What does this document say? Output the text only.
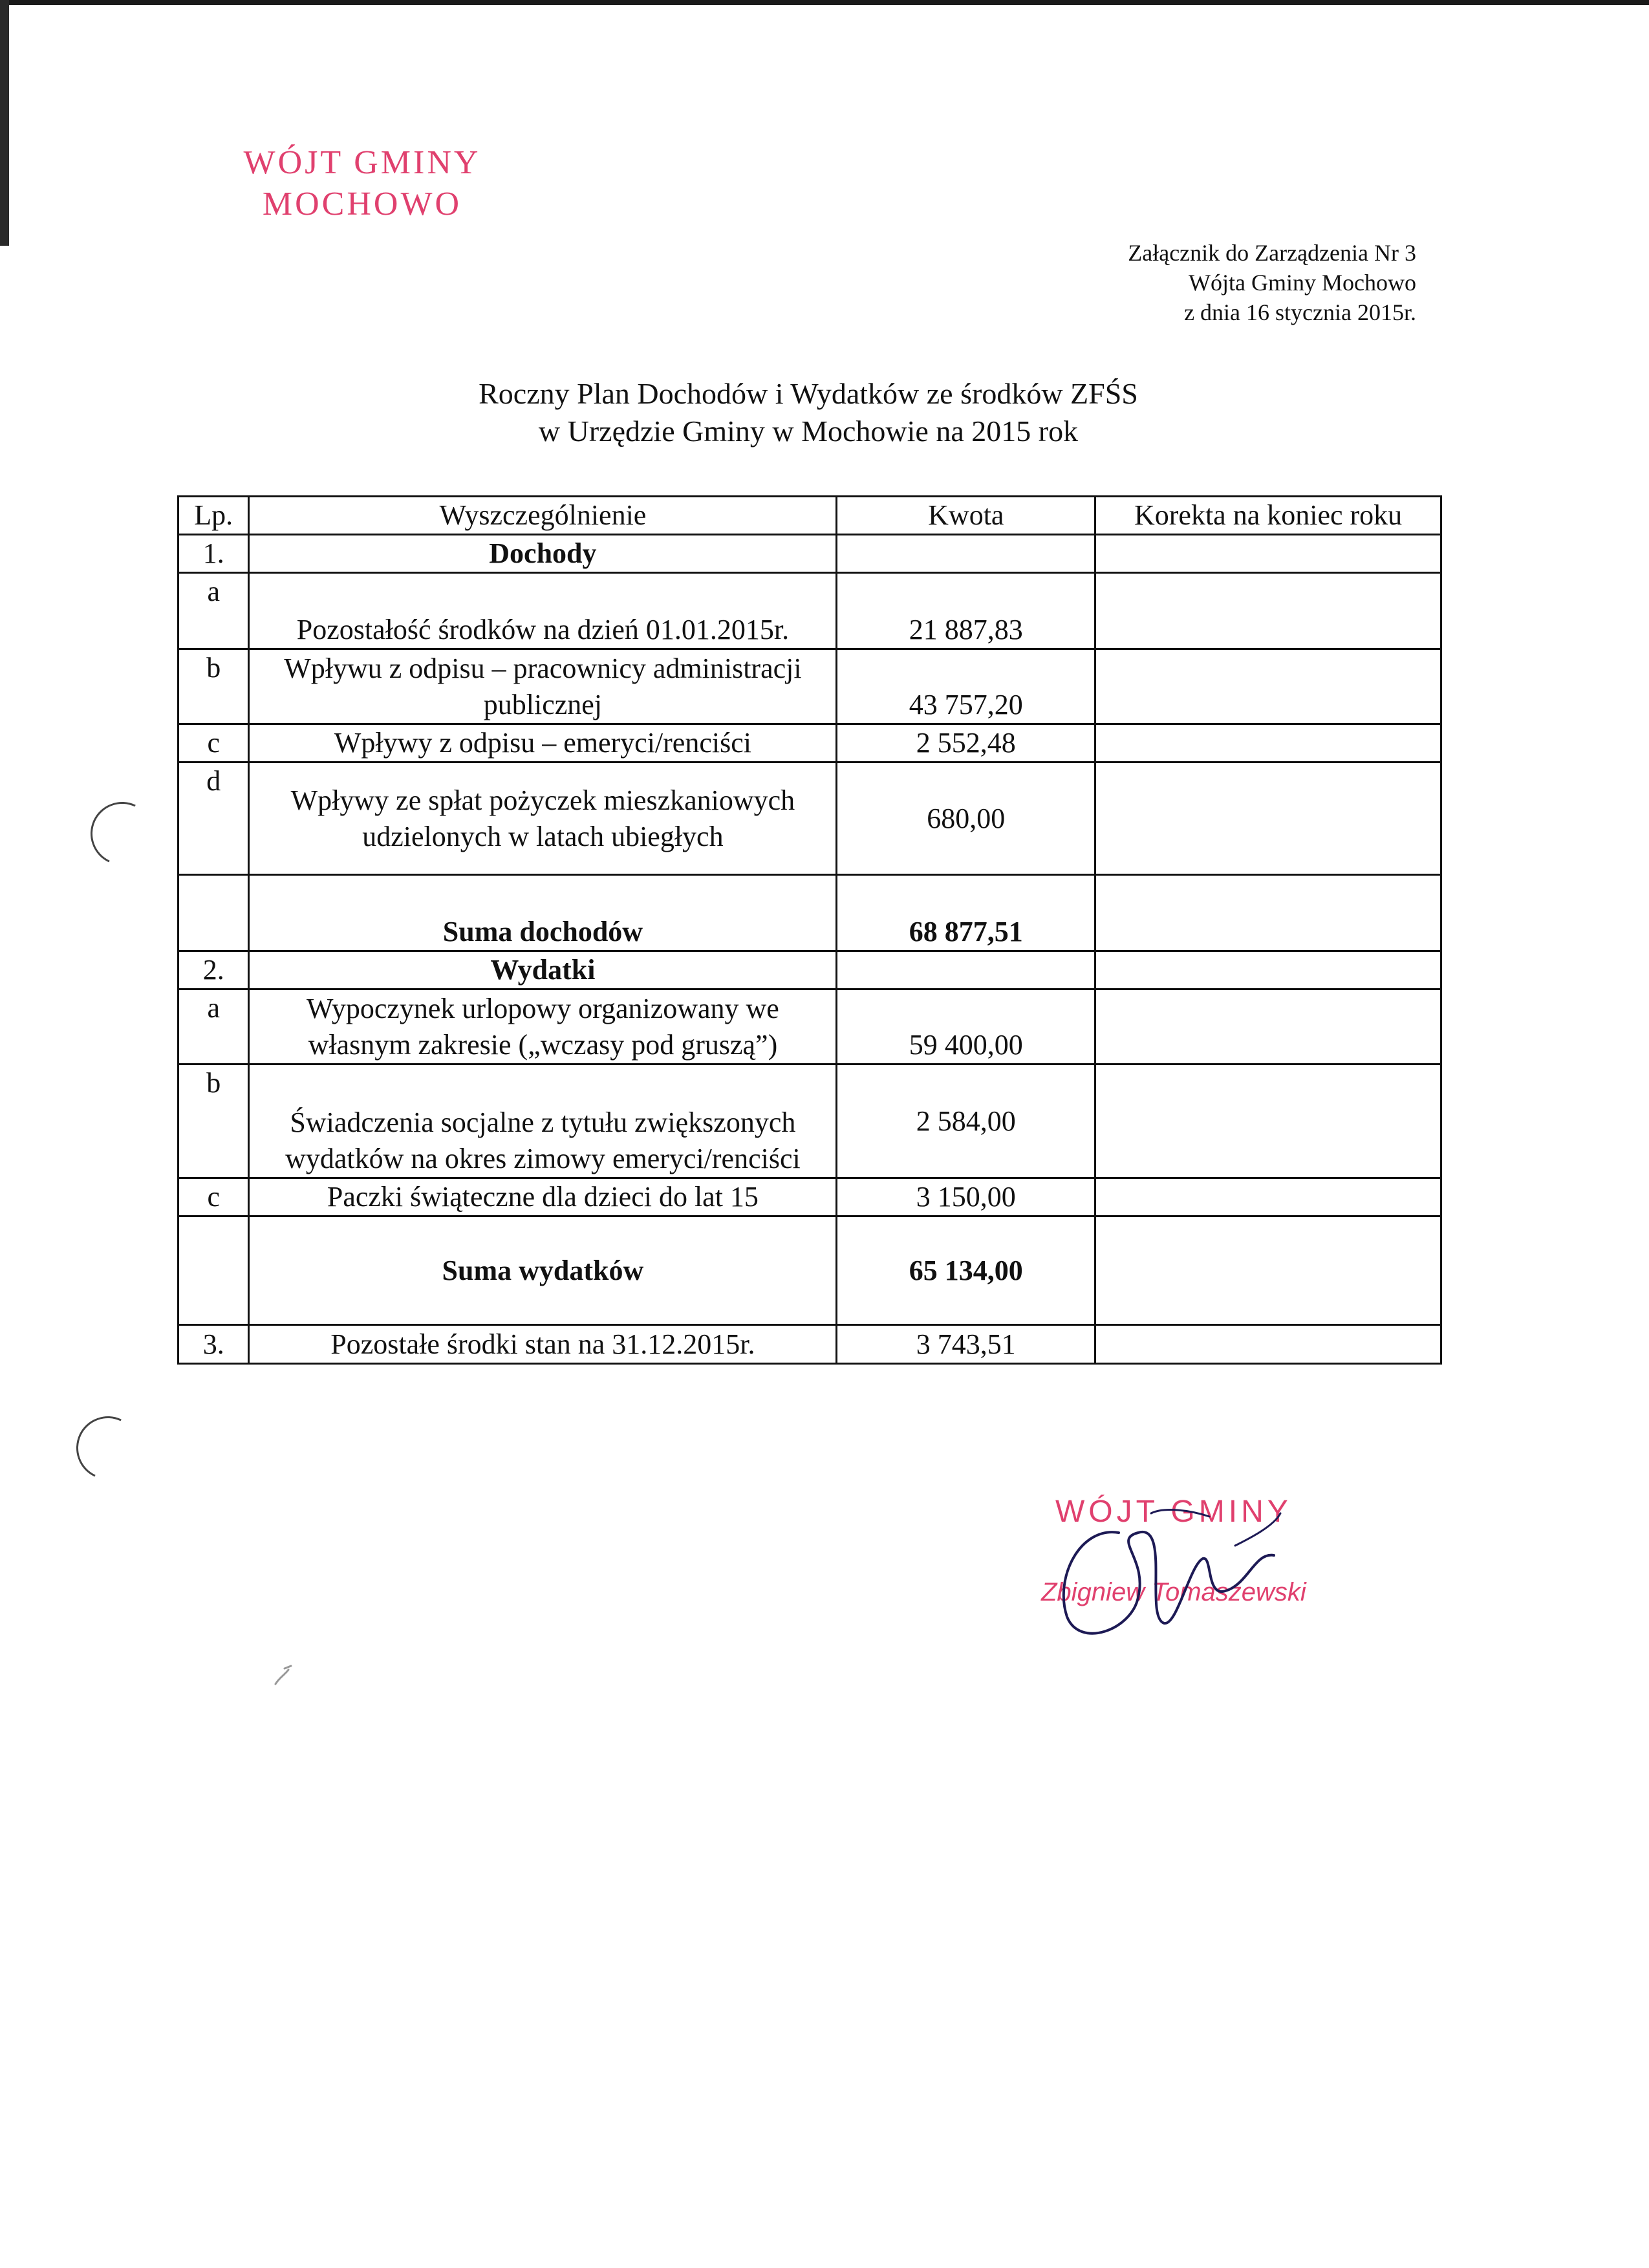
WÓJT GMINY
MOCHOWO
Załącznik do Zarządzenia Nr 3
Wójta Gminy Mochowo
z dnia 16 stycznia 2015r.
Roczny Plan Dochodów i Wydatków ze środków ZFŚS
w Urzędzie Gminy w Mochowie na 2015 rok
Lp.	Wyszczególnienie	Kwota	Korekta na koniec roku
1.	Dochody		
a	Pozostałość środków na dzień 01.01.2015r.	21 887,83	
b	Wpływu z odpisu – pracownicy administracji publicznej	43 757,20	
c	Wpływy z odpisu – emeryci/renciści	2 552,48	
d	Wpływy ze spłat pożyczek mieszkaniowych udzielonych w latach ubiegłych	680,00	
	Suma dochodów	68 877,51	
2.	Wydatki		
a	Wypoczynek urlopowy organizowany we własnym zakresie („wczasy pod gruszą”)	59 400,00	
b	Świadczenia socjalne z tytułu zwiększonych wydatków na okres zimowy emeryci/renciści	2 584,00	
c	Paczki świąteczne dla dzieci do lat 15	3 150,00	
	Suma wydatków	65 134,00	
3.	Pozostałe środki stan na 31.12.2015r.	3 743,51	
WÓJT GMINY
Zbigniew Tomaszewski
